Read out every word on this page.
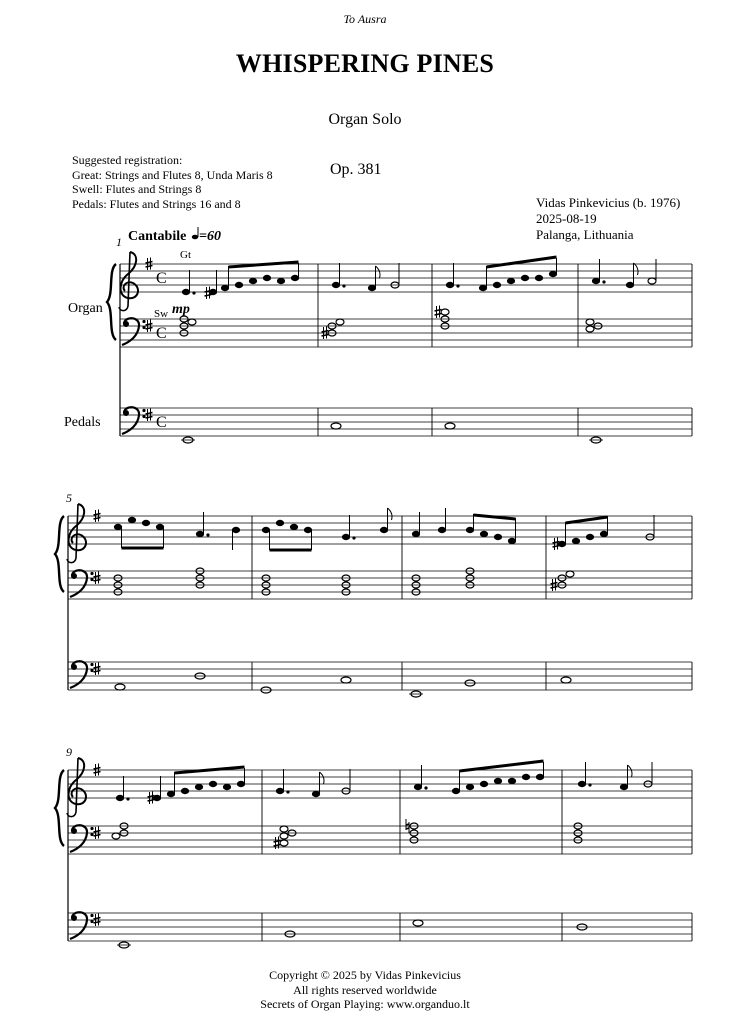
To Ausra
WHISPERING PINES
Organ Solo
Op. 381
Suggested registration:
Great: Strings and Flutes 8, Unda Maris 8
Swell: Flutes and Strings 8
Pedals: Flutes and Strings 16 and 8	Vidas Pinkevicius (b. 1976)
2025-08-19
Palanga, Lithuania
1 Cantabile =60
Gt
Sw mp
Organ
Pedals
C
C
C
5
9
Copyright © 2025 by Vidas Pinkevicius
All rights reserved worldwide
Secrets of Organ Playing: www.organduo.lt
